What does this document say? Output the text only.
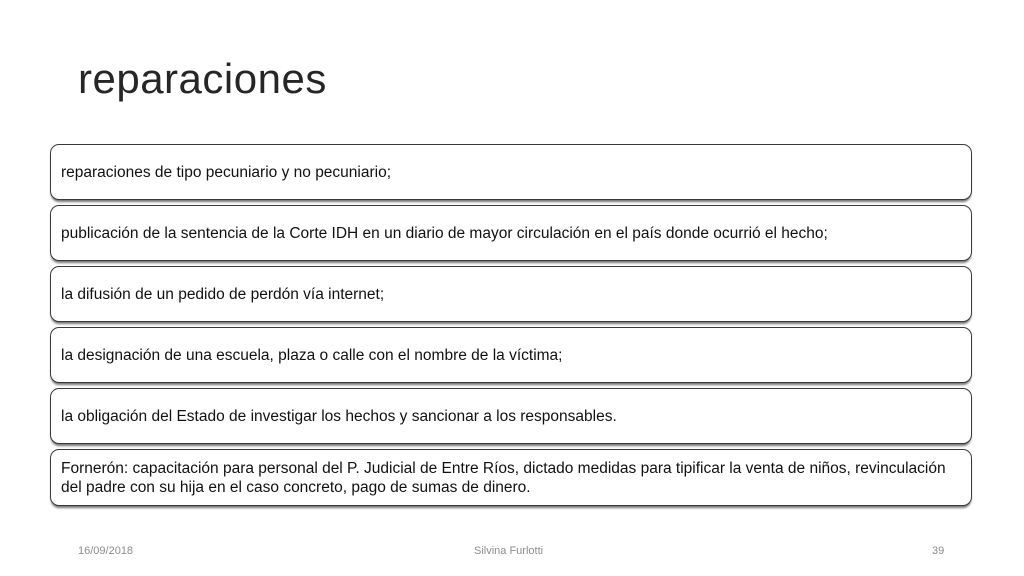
reparaciones
reparaciones de tipo pecuniario y no pecuniario;
publicación de la sentencia de la Corte IDH en un diario de mayor circulación en el país donde ocurrió el hecho;
la difusión de un pedido de perdón vía internet;
la designación de una escuela, plaza o calle con el nombre de la víctima;
la obligación del Estado de investigar los hechos y sancionar a los responsables.
Fornerón: capacitación para personal del P. Judicial de Entre Ríos, dictado medidas para tipificar la venta de niños, revinculación del padre con su hija en el caso concreto, pago de sumas de dinero.
16/09/2018	Silvina Furlotti	39
